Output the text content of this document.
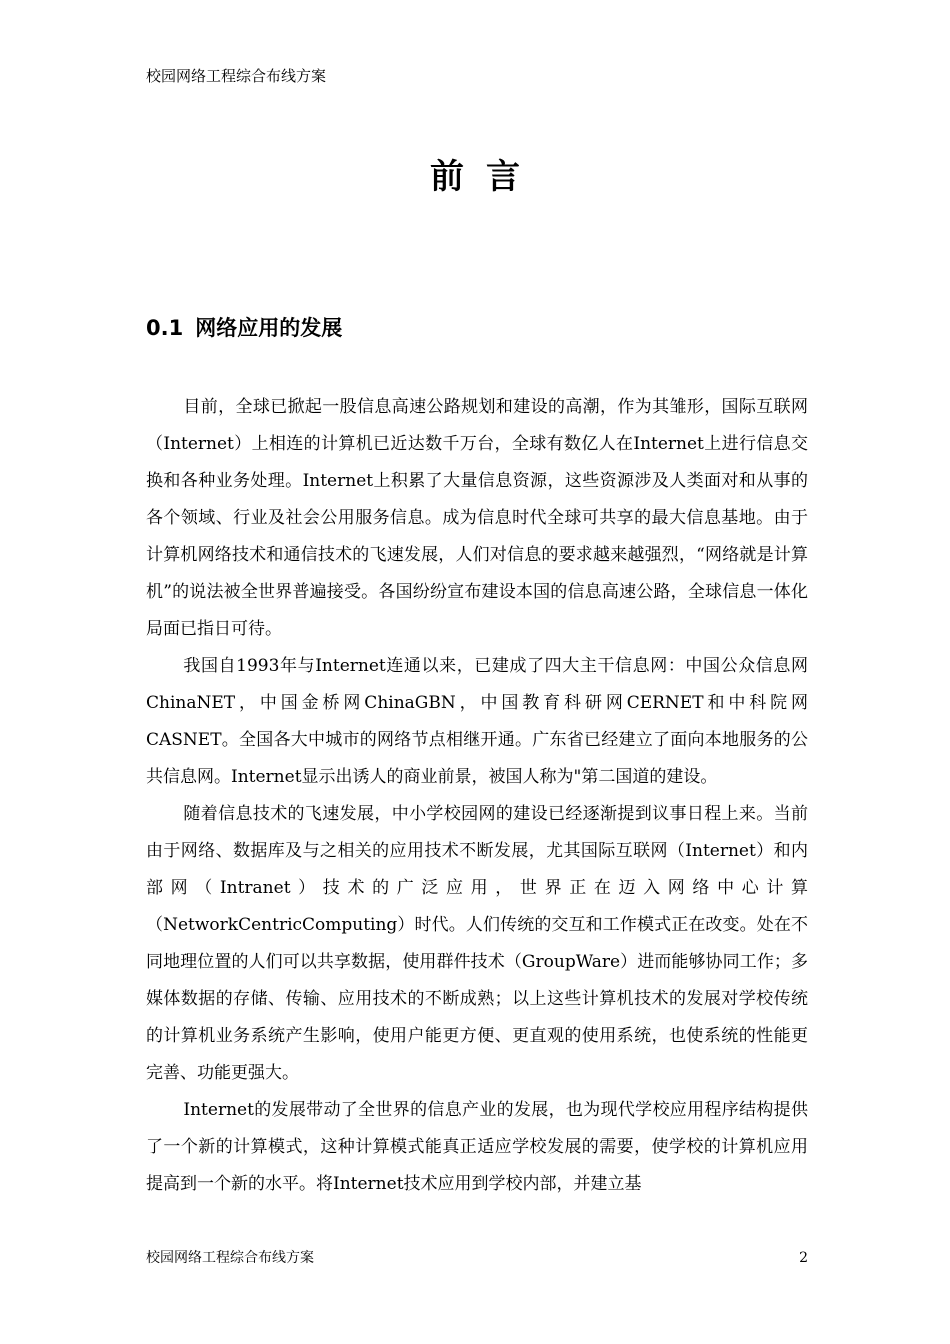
校园网络工程综合布线方案
前言
0.1 网络应用的发展

目前，全球已掀起一股信息高速公路规划和建设的高潮，作为其雏形，国际互联网（Internet）上相连的计算机已近达数千万台，全球有数亿人在Internet上进行信息交换和各种业务处理。Internet上积累了大量信息资源，这些资源涉及人类面对和从事的各个领域、行业及社会公用服务信息。成为信息时代全球可共享的最大信息基地。由于计算机网络技术和通信技术的飞速发展，人们对信息的要求越来越强烈，“网络就是计算机”的说法被全世界普遍接受。各国纷纷宣布建设本国的信息高速公路，全球信息一体化局面已指日可待。

我国自1993年与Internet连通以来，已建成了四大主干信息网：中国公众信息网ChinaNET，中国金桥网ChinaGBN，中国教育科研网CERNET和中科院网CASNET。全国各大中城市的网络节点相继开通。广东省已经建立了面向本地服务的公共信息网。Internet显示出诱人的商业前景，被国人称为"第二国道的建设。

随着信息技术的飞速发展，中小学校园网的建设已经逐渐提到议事日程上来。当前由于网络、数据库及与之相关的应用技术不断发展，尤其国际互联网（Internet）和内部网（Intranet）技术的广泛应用，世界正在迈入网络中心计算（NetworkCentricComputing）时代。人们传统的交互和工作模式正在改变。处在不同地理位置的人们可以共享数据，使用群件技术（GroupWare）进而能够协同工作；多媒体数据的存储、传输、应用技术的不断成熟；以上这些计算机技术的发展对学校传统的计算机业务系统产生影响，使用户能更方便、更直观的使用系统，也使系统的性能更完善、功能更强大。

Internet的发展带动了全世界的信息产业的发展，也为现代学校应用程序结构提供了一个新的计算模式，这种计算模式能真正适应学校发展的需要，使学校的计算机应用提高到一个新的水平。将Internet技术应用到学校内部，并建立基

校园网络工程综合布线方案	2
